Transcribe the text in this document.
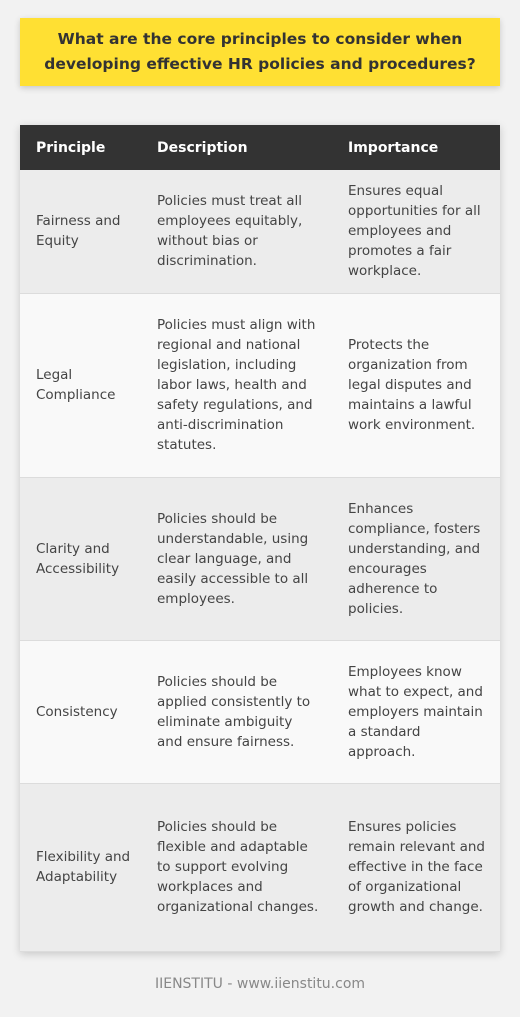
What are the core principles to consider when developing effective HR policies and procedures?
Principle	Description	Importance
Fairness and Equity	Policies must treat all employees equitably, without bias or discrimination.	Ensures equal opportunities for all employees and promotes a fair workplace.
Legal Compliance	Policies must align with regional and national legislation, including labor laws, health and safety regulations, and anti-discrimination statutes.	Protects the organization from legal disputes and maintains a lawful work environment.
Clarity and Accessibility	Policies should be understandable, using clear language, and easily accessible to all employees.	Enhances compliance, fosters understanding, and encourages adherence to policies.
Consistency	Policies should be applied consistently to eliminate ambiguity and ensure fairness.	Employees know what to expect, and employers maintain a standard approach.
Flexibility and Adaptability	Policies should be flexible and adaptable to support evolving workplaces and organizational changes.	Ensures policies remain relevant and effective in the face of organizational growth and change.
IIENSTITU - www.iienstitu.com
